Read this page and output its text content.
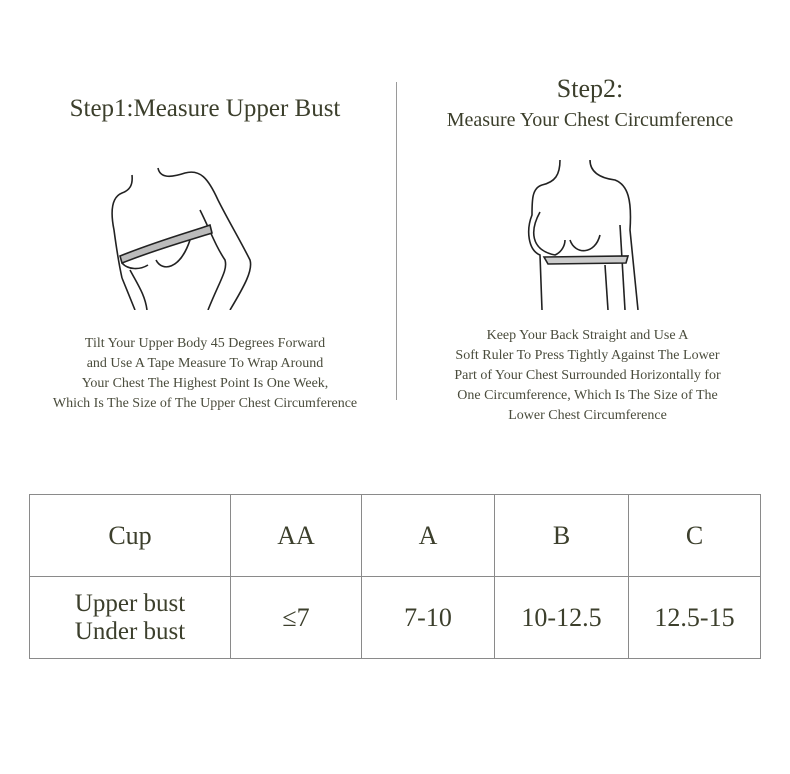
Step1:Measure Upper Bust
Step2:
Measure Your Chest Circumference
Tilt Your Upper Body 45 Degrees Forward
and Use A Tape Measure To Wrap Around
Your Chest The Highest Point Is One Week,
Which Is The Size of The Upper Chest Circumference
Keep Your Back Straight and Use A
Soft Ruler To Press Tightly Against The Lower
Part of Your Chest Surrounded Horizontally for
One Circumference, Which Is The Size of The
Lower Chest Circumference
Cup	AA	A	B	C

Upper bust
Under bust	≤7	7-10	10-12.5	12.5-15
